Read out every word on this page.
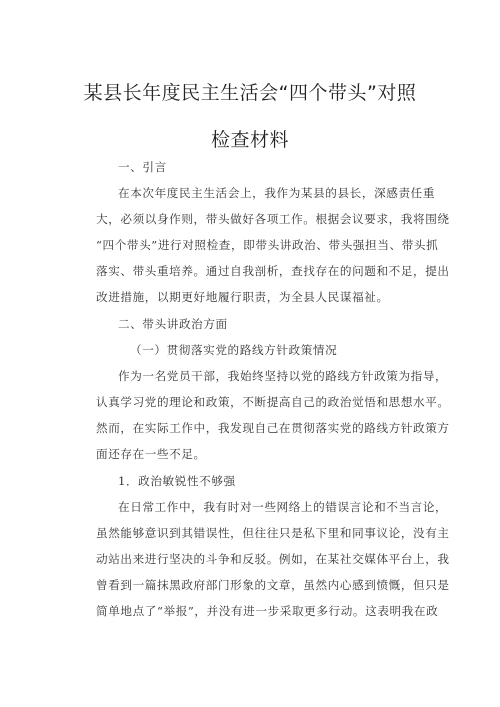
某县长年度民主生活会“四个带头”对照
检查材料
一、引言
在本次年度民主生活会上，我作为某县的县长，深感责任重
大，必须以身作则，带头做好各项工作。根据会议要求，我将围绕
“四个带头”进行对照检查，即带头讲政治、带头强担当、带头抓
落实、带头重培养。通过自我剖析，查找存在的问题和不足，提出
改进措施，以期更好地履行职责，为全县人民谋福祉。
二、带头讲政治方面
（一）贯彻落实党的路线方针政策情况
作为一名党员干部，我始终坚持以党的路线方针政策为指导，
认真学习党的理论和政策，不断提高自己的政治觉悟和思想水平。
然而，在实际工作中，我发现自己在贯彻落实党的路线方针政策方
面还存在一些不足。
1．政治敏锐性不够强
在日常工作中，我有时对一些网络上的错误言论和不当言论，
虽然能够意识到其错误性，但往往只是私下里和同事议论，没有主
动站出来进行坚决的斗争和反驳。例如，在某社交媒体平台上，我
曾看到一篇抹黑政府部门形象的文章，虽然内心感到愤慨，但只是
简单地点了“举报”，并没有进一步采取更多行动。这表明我在政
